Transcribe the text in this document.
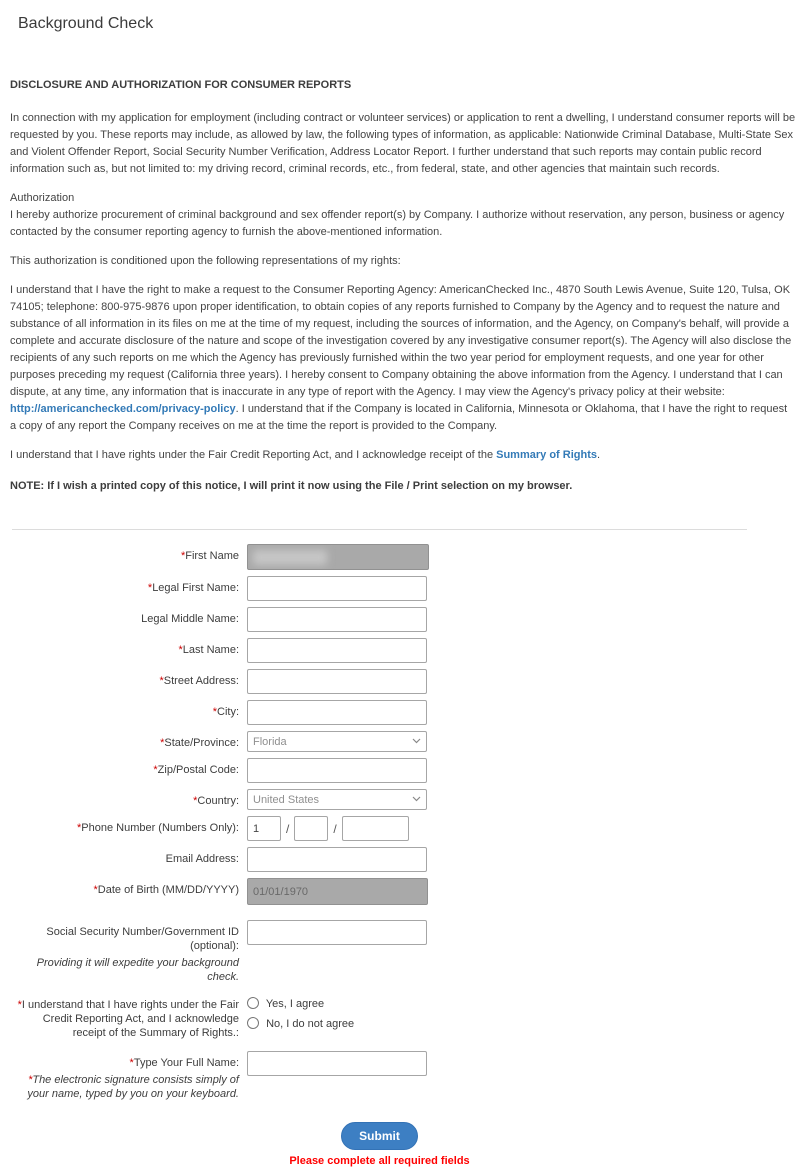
Background Check
DISCLOSURE AND AUTHORIZATION FOR CONSUMER REPORTS

In connection with my application for employment (including contract or volunteer services) or application to rent a dwelling, I understand consumer reports will be requested by you. These reports may include, as allowed by law, the following types of information, as applicable: Nationwide Criminal Database, Multi-State Sex and Violent Offender Report, Social Security Number Verification, Address Locator Report. I further understand that such reports may contain public record information such as, but not limited to: my driving record, criminal records, etc., from federal, state, and other agencies that maintain such records.

Authorization
I hereby authorize procurement of criminal background and sex offender report(s) by Company. I authorize without reservation, any person, business or agency contacted by the consumer reporting agency to furnish the above-mentioned information.

This authorization is conditioned upon the following representations of my rights:

I understand that I have the right to make a request to the Consumer Reporting Agency: AmericanChecked Inc., 4870 South Lewis Avenue, Suite 120, Tulsa, OK 74105; telephone: 800-975-9876 upon proper identification, to obtain copies of any reports furnished to Company by the Agency and to request the nature and substance of all information in its files on me at the time of my request, including the sources of information, and the Agency, on Company's behalf, will provide a complete and accurate disclosure of the nature and scope of the investigation covered by any investigative consumer report(s). The Agency will also disclose the recipients of any such reports on me which the Agency has previously furnished within the two year period for employment requests, and one year for other purposes preceding my request (California three years). I hereby consent to Company obtaining the above information from the Agency. I understand that I can dispute, at any time, any information that is inaccurate in any type of report with the Agency. I may view the Agency's privacy policy at their website: http://americanchecked.com/privacy-policy. I understand that if the Company is located in California, Minnesota or Oklahoma, that I have the right to request a copy of any report the Company receives on me at the time the report is provided to the Company.

I understand that I have rights under the Fair Credit Reporting Act, and I acknowledge receipt of the Summary of Rights.

NOTE: If I wish a printed copy of this notice, I will print it now using the File / Print selection on my browser.

*First Name
*Legal First Name:
Legal Middle Name:
*Last Name:
*Street Address:
*City:
*State/Province:
Florida
*Zip/Postal Code:
*Country:
United States
*Phone Number (Numbers Only):
1	/	/
Email Address:
*Date of Birth (MM/DD/YYYY)
01/01/1970
Social Security Number/Government ID (optional):
Providing it will expedite your background check.
*I understand that I have rights under the Fair Credit Reporting Act, and I acknowledge receipt of the Summary of Rights.:
Yes, I agree
No, I do not agree
*Type Your Full Name:
*The electronic signature consists simply of your name, typed by you on your keyboard.
Submit
Please complete all required fields
